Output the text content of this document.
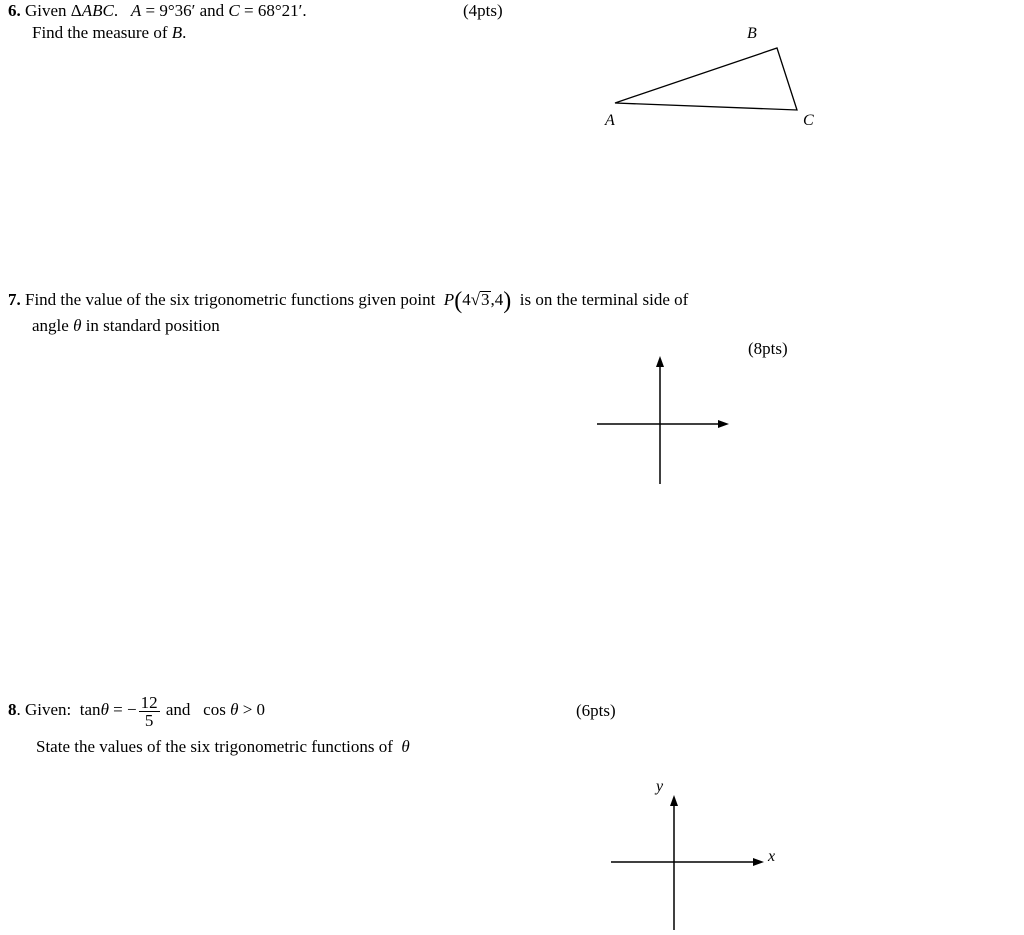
6. Given ΔABC. A = 9°36′ and C = 68°21′.	(4pts)
Find the measure of B.	B
A	C
7. Find the value of the six trigonometric functions given point P(4√3,4) is on the terminal side of
angle θ in standard position
(8pts)
8. Given: tanθ = − $\frac{12}{5}$ and cos θ > 0	(6pts)
State the values of the six trigonometric functions of θ
y
x
